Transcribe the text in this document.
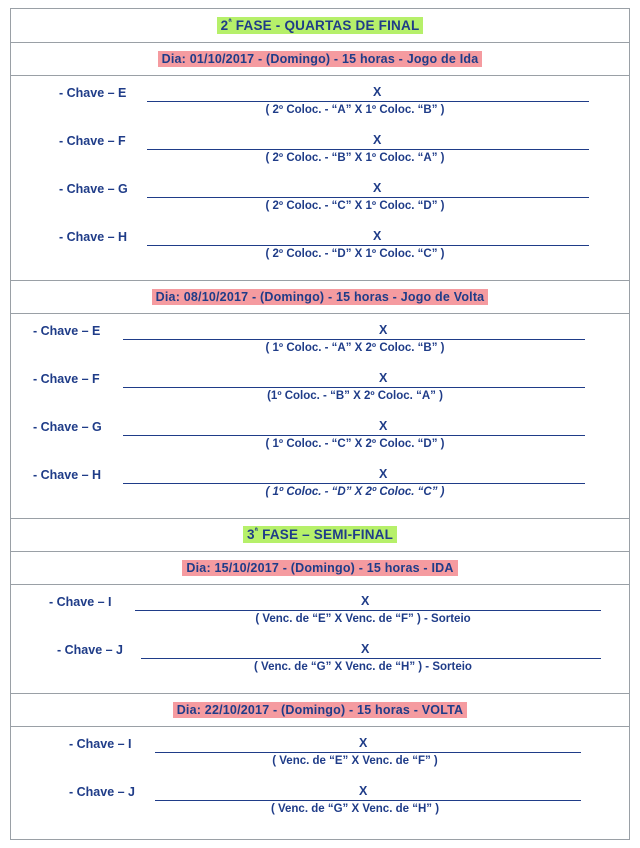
$2^ª$ FASE - QUARTAS DE FINAL
Dia: 01/10/2017 - (Domingo) - 15 horas - Jogo de Ida
- Chave – E	X
( 2º Coloc. - “A” X 1º Coloc. “B” )
- Chave – F	X
( 2º Coloc. - “B” X 1º Coloc. “A” )
- Chave – G	X
( 2º Coloc. - “C” X 1º Coloc. “D” )
- Chave – H	X
( 2º Coloc. - “D” X 1º Coloc. “C” )
Dia: 08/10/2017 - (Domingo) - 15 horas - Jogo de Volta
- Chave – E	X
( 1º Coloc. - “A” X 2º Coloc. “B” )
- Chave – F	X
(1º Coloc. - “B” X 2º Coloc. “A” )
- Chave – G	X
( 1º Coloc. - “C” X 2º Coloc. “D” )
- Chave – H	X
( 1º Coloc. - “D” X 2º Coloc. “C” )
$3^ª$ FASE – SEMI-FINAL
Dia: 15/10/2017 - (Domingo) - 15 horas - IDA
- Chave – I	X
( Venc. de “E” X Venc. de “F” ) - Sorteio
- Chave – J	X
( Venc. de “G” X Venc. de “H” ) - Sorteio
Dia: 22/10/2017 - (Domingo) - 15 horas - VOLTA
- Chave – I	X
( Venc. de “E” X Venc. de “F” )
- Chave – J	X
( Venc. de “G” X Venc. de “H” )
